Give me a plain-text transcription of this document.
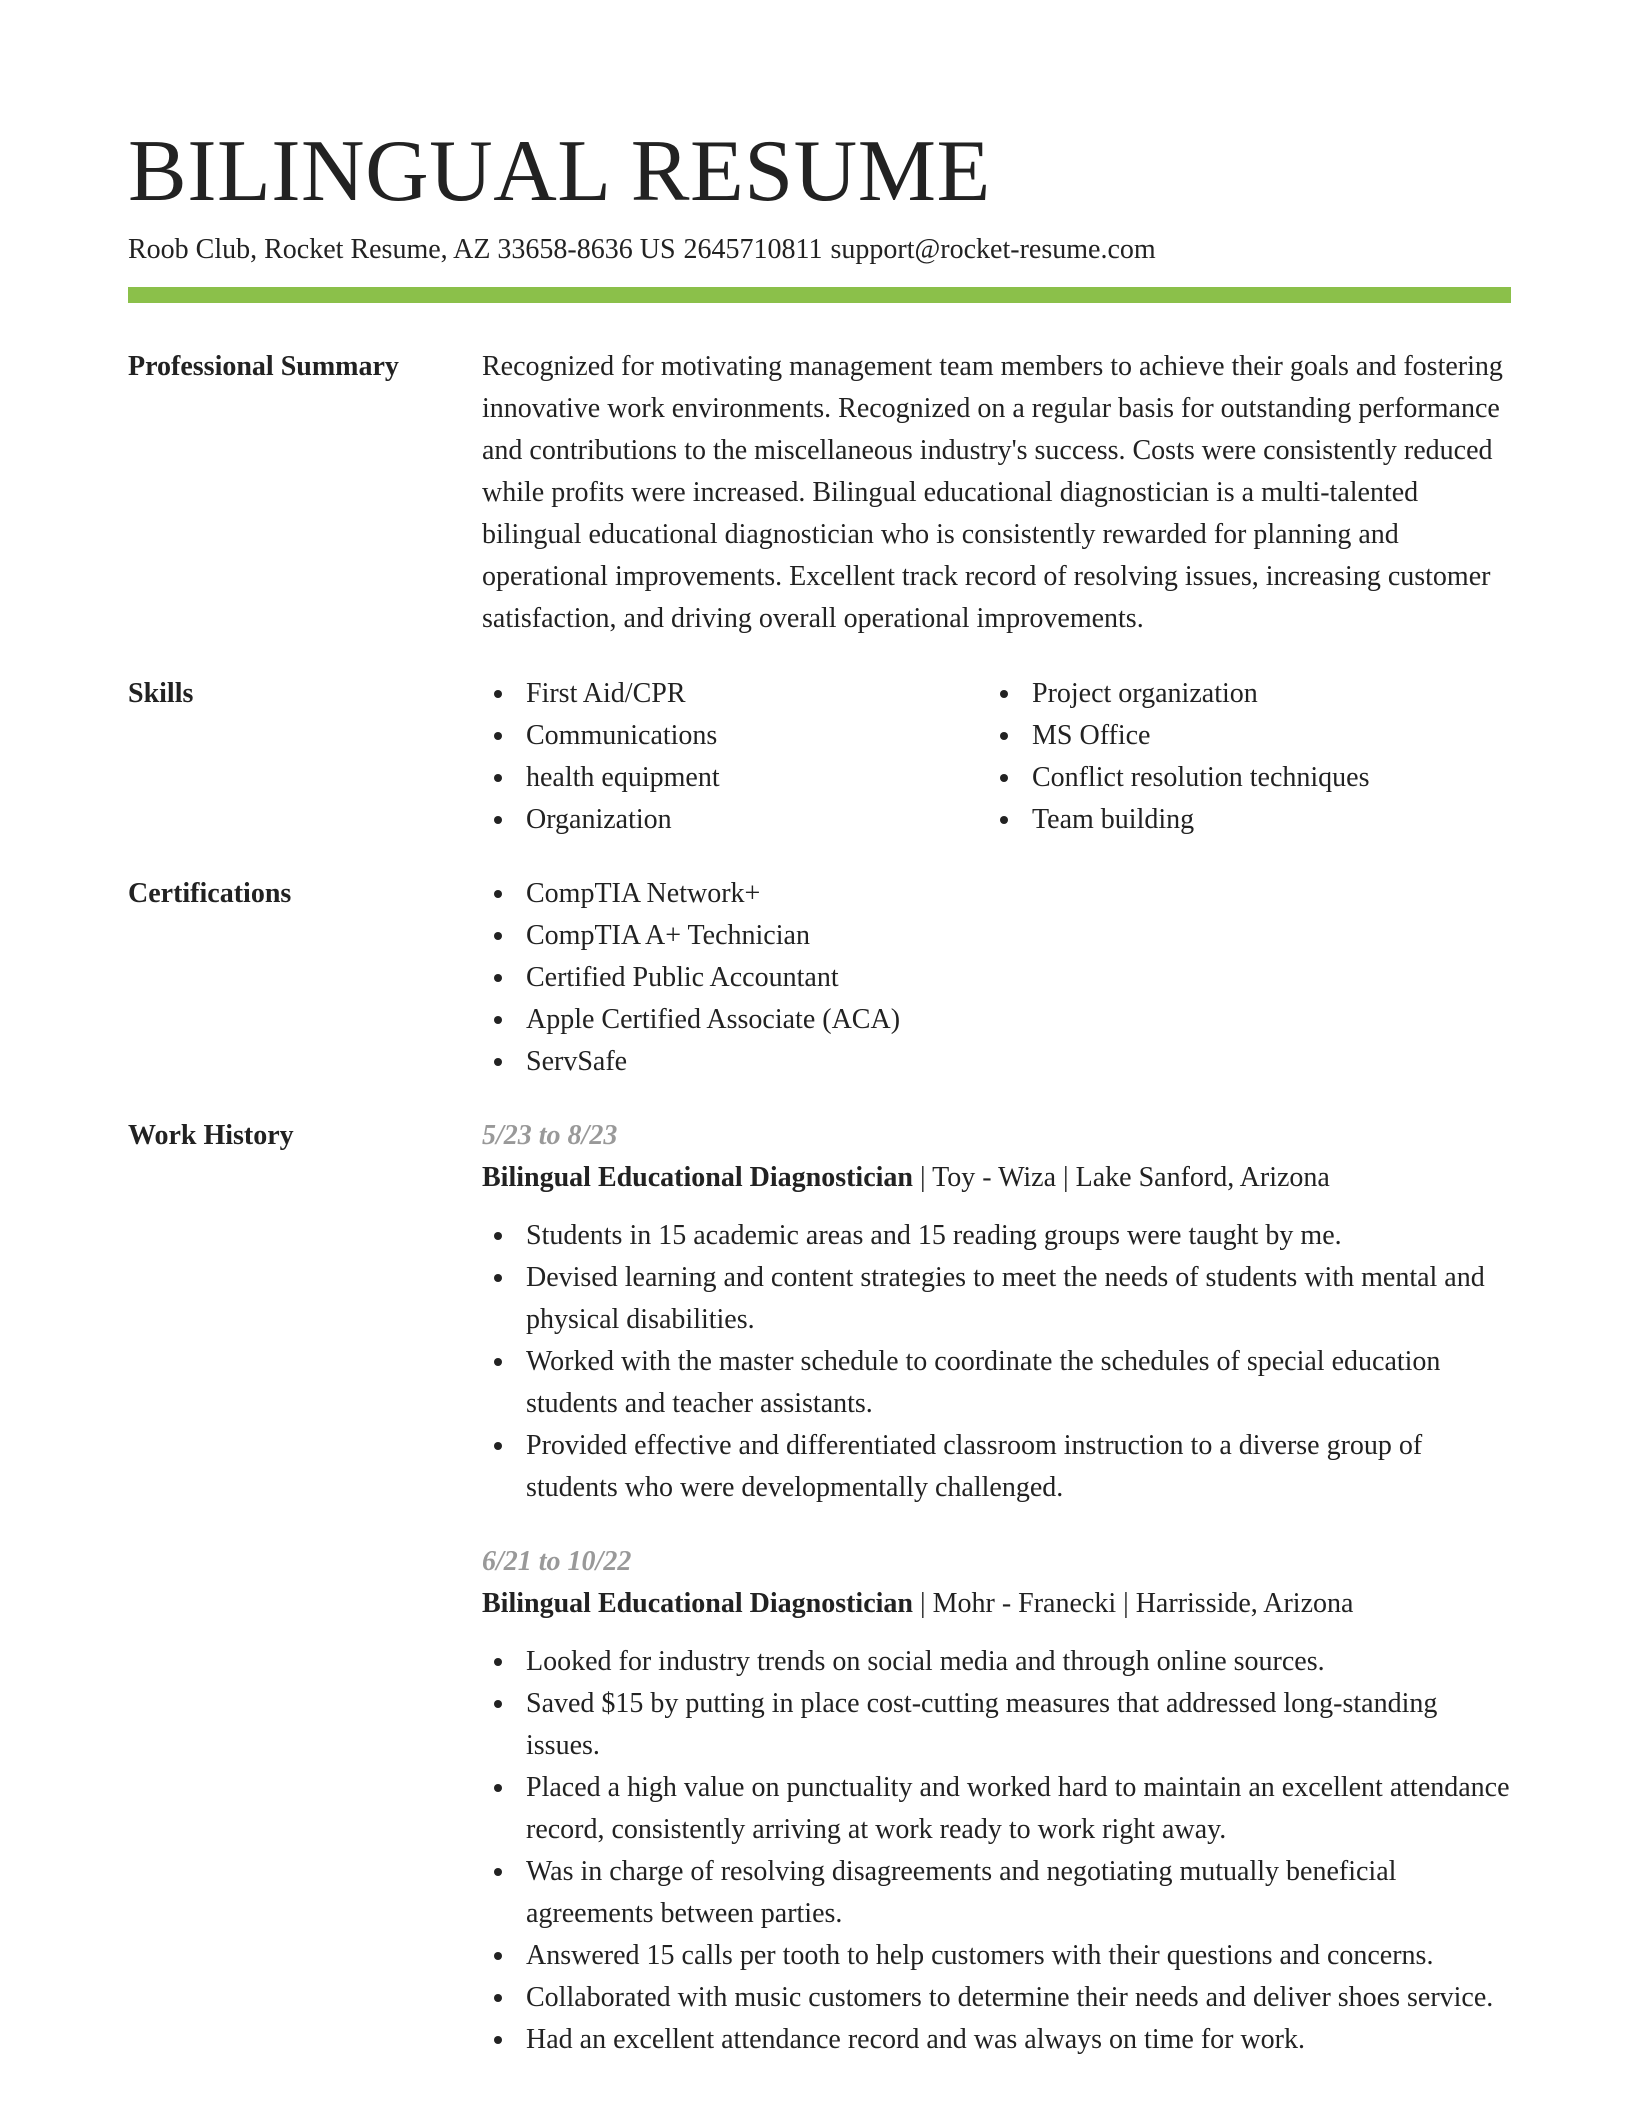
BILINGUAL RESUME
Roob Club, Rocket Resume, AZ 33658-8636 US 2645710811 support@rocket-resume.com
Professional Summary	Recognized for motivating management team members to achieve their goals and fostering innovative work environments. Recognized on a regular basis for outstanding performance and contributions to the miscellaneous industry's success. Costs were consistently reduced while profits were increased. Bilingual educational diagnostician is a multi-talented bilingual educational diagnostician who is consistently rewarded for planning and operational improvements. Excellent track record of resolving issues, increasing customer satisfaction, and driving overall operational improvements.

Skills	First Aid/CPR
Communications
health equipment
Organization
Project organization
MS Office
Conflict resolution techniques
Team building
Certifications	CompTIA Network+
CompTIA A+ Technician
Certified Public Accountant
Apple Certified Associate (ACA)
ServSafe
Work History	5/23 to 8/23

Bilingual Educational Diagnostician | Toy - Wiza | Lake Sanford, Arizona

Students in 15 academic areas and 15 reading groups were taught by me.
Devised learning and content strategies to meet the needs of students with mental and physical disabilities.
Worked with the master schedule to coordinate the schedules of special education students and teacher assistants.
Provided effective and differentiated classroom instruction to a diverse group of students who were developmentally challenged.

6/21 to 10/22

Bilingual Educational Diagnostician | Mohr - Franecki | Harrisside, Arizona

Looked for industry trends on social media and through online sources.
Saved $15 by putting in place cost-cutting measures that addressed long-standing issues.
Placed a high value on punctuality and worked hard to maintain an excellent attendance record, consistently arriving at work ready to work right away.
Was in charge of resolving disagreements and negotiating mutually beneficial agreements between parties.
Answered 15 calls per tooth to help customers with their questions and concerns.
Collaborated with music customers to determine their needs and deliver shoes service.
Had an excellent attendance record and was always on time for work.
